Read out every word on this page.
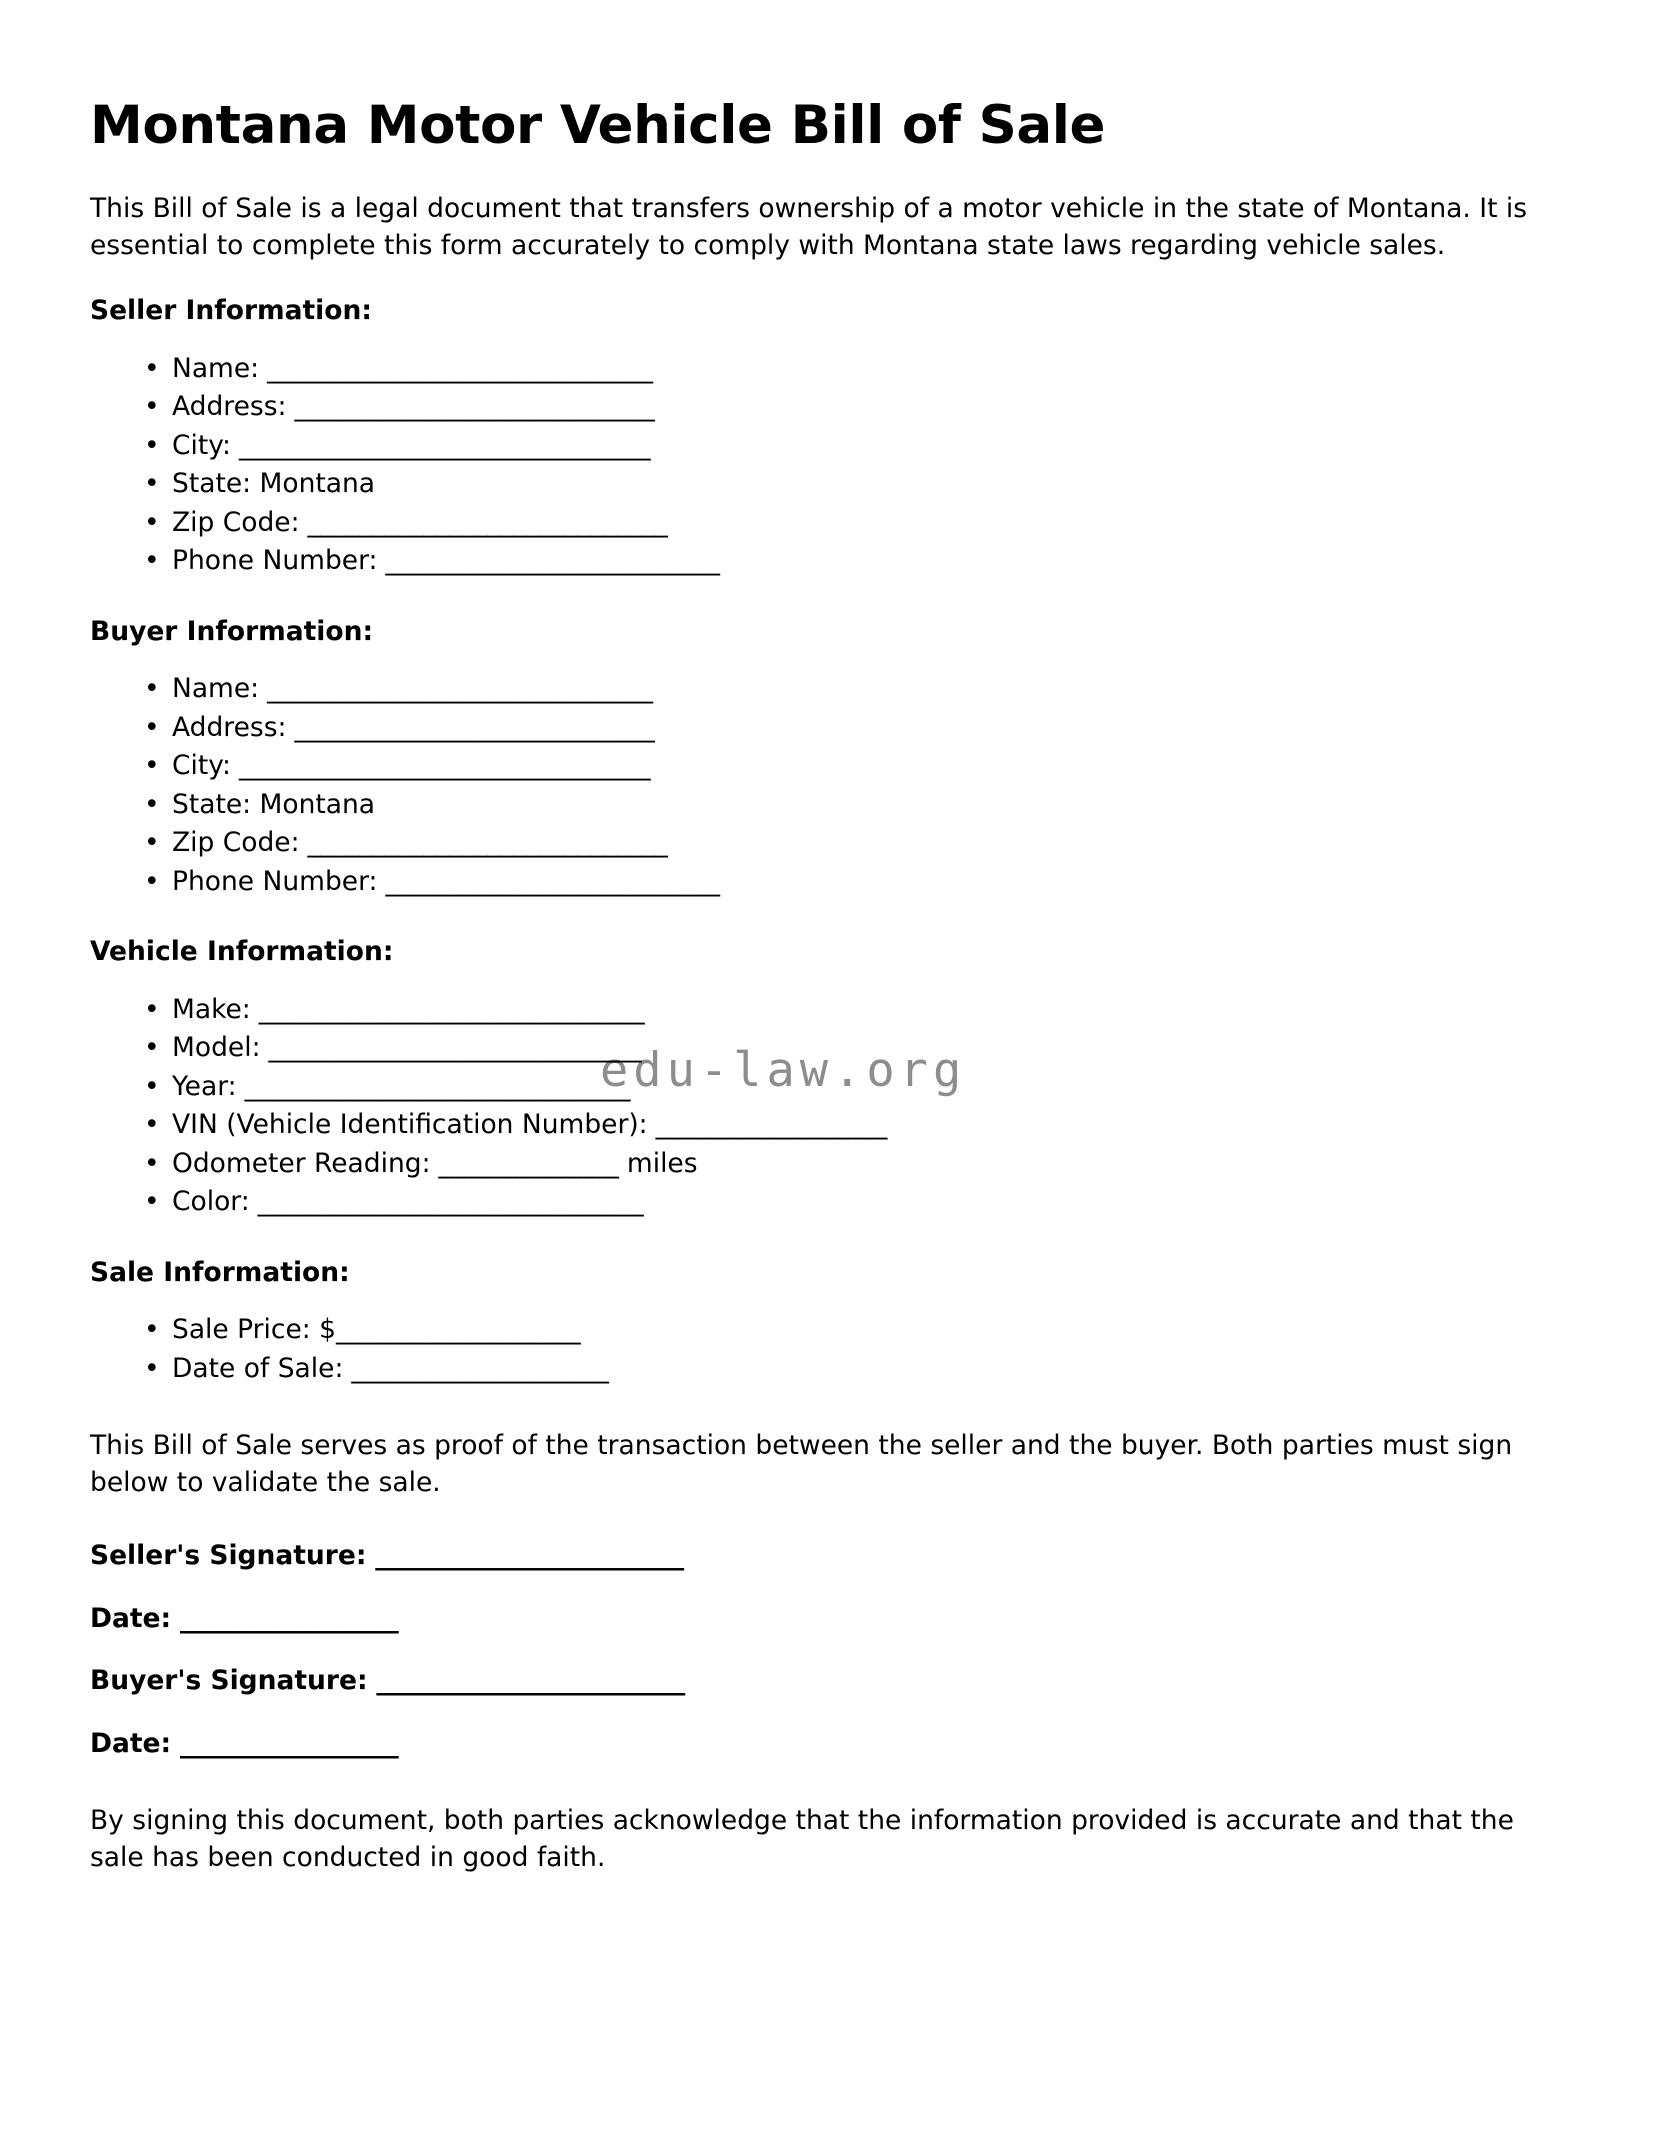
edu-law.org
Montana Motor Vehicle Bill of Sale

This Bill of Sale is a legal document that transfers ownership of a motor vehicle in the state of Montana. It is essential to complete this form accurately to comply with Montana state laws regarding vehicle sales.

Seller Information:
• Name: ______________________________
• Address: ____________________________
• City: ________________________________
• State: Montana
• Zip Code: ____________________________
• Phone Number: __________________________
Buyer Information:
• Name: ______________________________
• Address: ____________________________
• City: ________________________________
• State: Montana
• Zip Code: ____________________________
• Phone Number: __________________________
Vehicle Information:
• Make: ______________________________
• Model: _____________________________
• Year: ______________________________
• VIN (Vehicle Identification Number): __________________
• Odometer Reading: ______________ miles
• Color: ______________________________
Sale Information:
• Sale Price: $___________________
• Date of Sale: ____________________

This Bill of Sale serves as proof of the transaction between the seller and the buyer. Both parties must sign below to validate the sale.

Seller's Signature: ________________________

Date: _________________

Buyer's Signature: ________________________

Date: _________________

By signing this document, both parties acknowledge that the information provided is accurate and that the sale has been conducted in good faith.
